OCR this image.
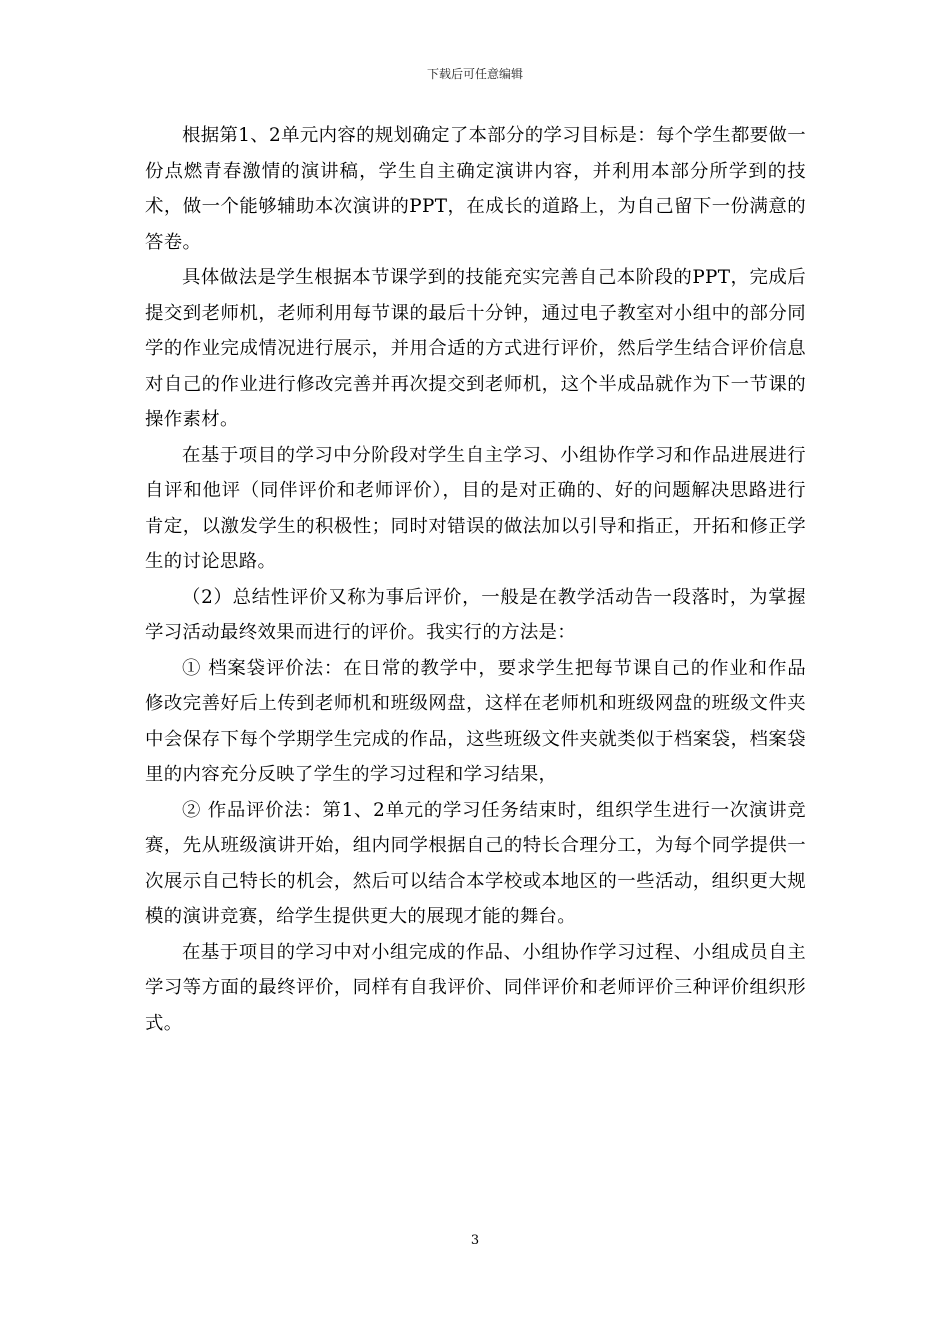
下载后可任意编辑

根据第1、2单元内容的规划确定了本部分的学习目标是：每个学生都要做一份点燃青春激情的演讲稿，学生自主确定演讲内容，并利用本部分所学到的技术，做一个能够辅助本次演讲的PPT，在成长的道路上，为自己留下一份满意的答卷。

具体做法是学生根据本节课学到的技能充实完善自己本阶段的PPT，完成后提交到老师机，老师利用每节课的最后十分钟，通过电子教室对小组中的部分同学的作业完成情况进行展示，并用合适的方式进行评价，然后学生结合评价信息对自己的作业进行修改完善并再次提交到老师机，这个半成品就作为下一节课的操作素材。

在基于项目的学习中分阶段对学生自主学习、小组协作学习和作品进展进行自评和他评（同伴评价和老师评价），目的是对正确的、好的问题解决思路进行肯定，以激发学生的积极性；同时对错误的做法加以引导和指正，开拓和修正学生的讨论思路。

（2）总结性评价又称为事后评价，一般是在教学活动告一段落时，为掌握学习活动最终效果而进行的评价。我实行的方法是：

① 档案袋评价法：在日常的教学中，要求学生把每节课自己的作业和作品修改完善好后上传到老师机和班级网盘，这样在老师机和班级网盘的班级文件夹中会保存下每个学期学生完成的作品，这些班级文件夹就类似于档案袋，档案袋里的内容充分反映了学生的学习过程和学习结果，

② 作品评价法：第1、2单元的学习任务结束时，组织学生进行一次演讲竞赛，先从班级演讲开始，组内同学根据自己的特长合理分工，为每个同学提供一次展示自己特长的机会，然后可以结合本学校或本地区的一些活动，组织更大规模的演讲竞赛，给学生提供更大的展现才能的舞台。

在基于项目的学习中对小组完成的作品、小组协作学习过程、小组成员自主学习等方面的最终评价，同样有自我评价、同伴评价和老师评价三种评价组织形式。

3
